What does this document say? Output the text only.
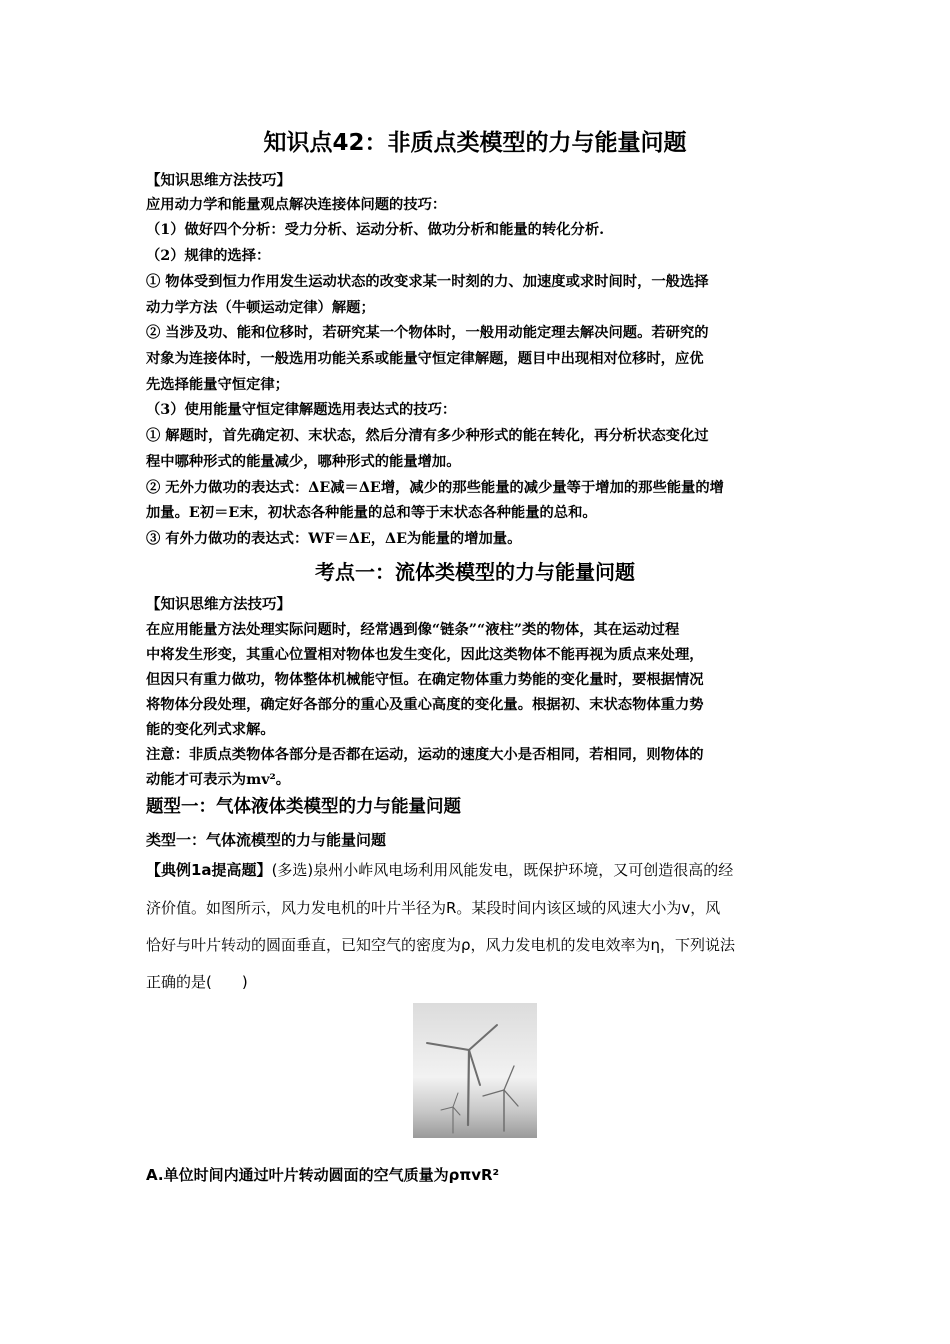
知识点42：非质点类模型的力与能量问题
【知识思维方法技巧】
应用动力学和能量观点解决连接体问题的技巧：
（1）做好四个分析：受力分析、运动分析、做功分析和能量的转化分析.
（2）规律的选择：
① 物体受到恒力作用发生运动状态的改变求某一时刻的力、加速度或求时间时，一般选择
动力学方法（牛顿运动定律）解题；
② 当涉及功、能和位移时，若研究某一个物体时，一般用动能定理去解决问题。若研究的
对象为连接体时，一般选用功能关系或能量守恒定律解题，题目中出现相对位移时，应优
先选择能量守恒定律；
（3）使用能量守恒定律解题选用表达式的技巧：
① 解题时，首先确定初、末状态，然后分清有多少种形式的能在转化，再分析状态变化过
程中哪种形式的能量减少，哪种形式的能量增加。
② 无外力做功的表达式：ΔE减＝ΔE增，减少的那些能量的减少量等于增加的那些能量的增
加量。E初＝E末，初状态各种能量的总和等于末状态各种能量的总和。
③ 有外力做功的表达式：WF＝ΔE，ΔE为能量的增加量。
考点一：流体类模型的力与能量问题
【知识思维方法技巧】
在应用能量方法处理实际问题时，经常遇到像“链条”“液柱”类的物体，其在运动过程
中将发生形变，其重心位置相对物体也发生变化，因此这类物体不能再视为质点来处理，
但因只有重力做功，物体整体机械能守恒。在确定物体重力势能的变化量时，要根据情况
将物体分段处理，确定好各部分的重心及重心高度的变化量。根据初、末状态物体重力势
能的变化列式求解。
注意：非质点类物体各部分是否都在运动，运动的速度大小是否相同，若相同，则物体的
动能才可表示为mv²。
题型一：气体液体类模型的力与能量问题
类型一：气体流模型的力与能量问题
【典例1a提高题】(多选)泉州小岞风电场利用风能发电，既保护环境，又可创造很高的经
济价值。如图所示，风力发电机的叶片半径为R。某段时间内该区域的风速大小为v，风
恰好与叶片转动的圆面垂直，已知空气的密度为ρ，风力发电机的发电效率为η，下列说法
正确的是(　　)
A.单位时间内通过叶片转动圆面的空气质量为ρπvR²
